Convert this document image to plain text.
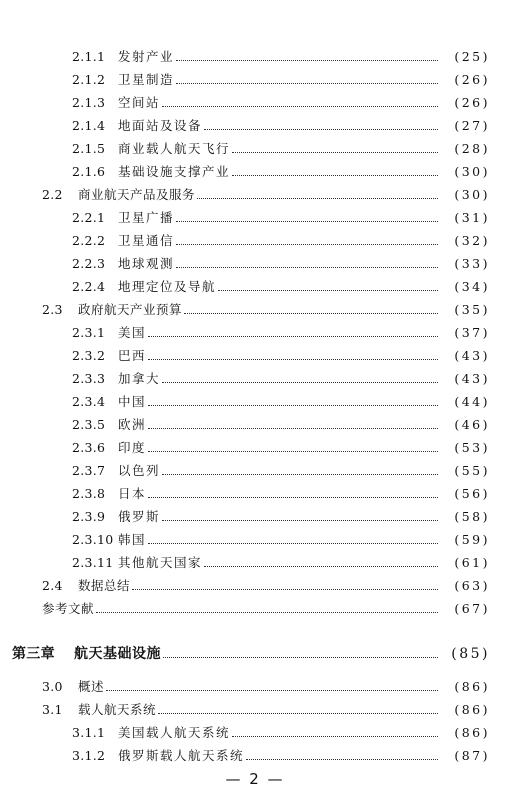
2.1.1	发射产业	(25)
2.1.2	卫星制造	(26)
2.1.3	空间站	(26)
2.1.4	地面站及设备	(27)
2.1.5	商业载人航天飞行	(28)
2.1.6	基础设施支撑产业	(30)
2.2	商业航天产品及服务	(30)
2.2.1	卫星广播	(31)
2.2.2	卫星通信	(32)
2.2.3	地球观测	(33)
2.2.4	地理定位及导航	(34)
2.3	政府航天产业预算	(35)
2.3.1	美国	(37)
2.3.2	巴西	(43)
2.3.3	加拿大	(43)
2.3.4	中国	(44)
2.3.5	欧洲	(46)
2.3.6	印度	(53)
2.3.7	以色列	(55)
2.3.8	日本	(56)
2.3.9	俄罗斯	(58)
2.3.10 韩国	(59)
2.3.11 其他航天国家	(61)
2.4	数据总结	(63)
参考文献	(67)
第三章	航天基础设施	(85)
3.0	概述	(86)
3.1	载人航天系统	(86)
3.1.1	美国载人航天系统	(86)
3.1.2	俄罗斯载人航天系统	(87)
— 2 —
